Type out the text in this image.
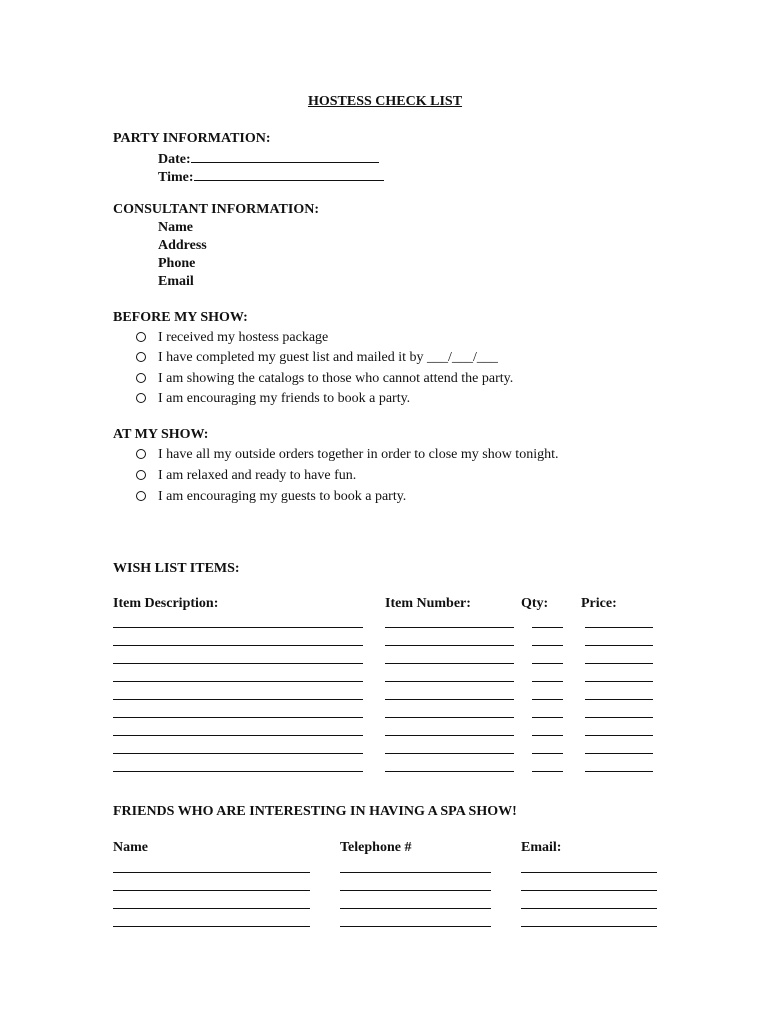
HOSTESS CHECK LIST
PARTY INFORMATION:
Date:
Time:
CONSULTANT INFORMATION:
Name
Address
Phone
Email
BEFORE MY SHOW:
I received my hostess package
I have completed my guest list and mailed it by ___/___/___
I am showing the catalogs to those who cannot attend the party.
I am encouraging my friends to book a party.
AT MY SHOW:
I have all my outside orders together in order to close my show tonight.
I am relaxed and ready to have fun.
I am encouraging my guests to book a party.
WISH LIST ITEMS:
Item Description:	Item Number:	Qty: Price:
FRIENDS WHO ARE INTERESTING IN HAVING A SPA SHOW!
Name	Telephone #	Email:
